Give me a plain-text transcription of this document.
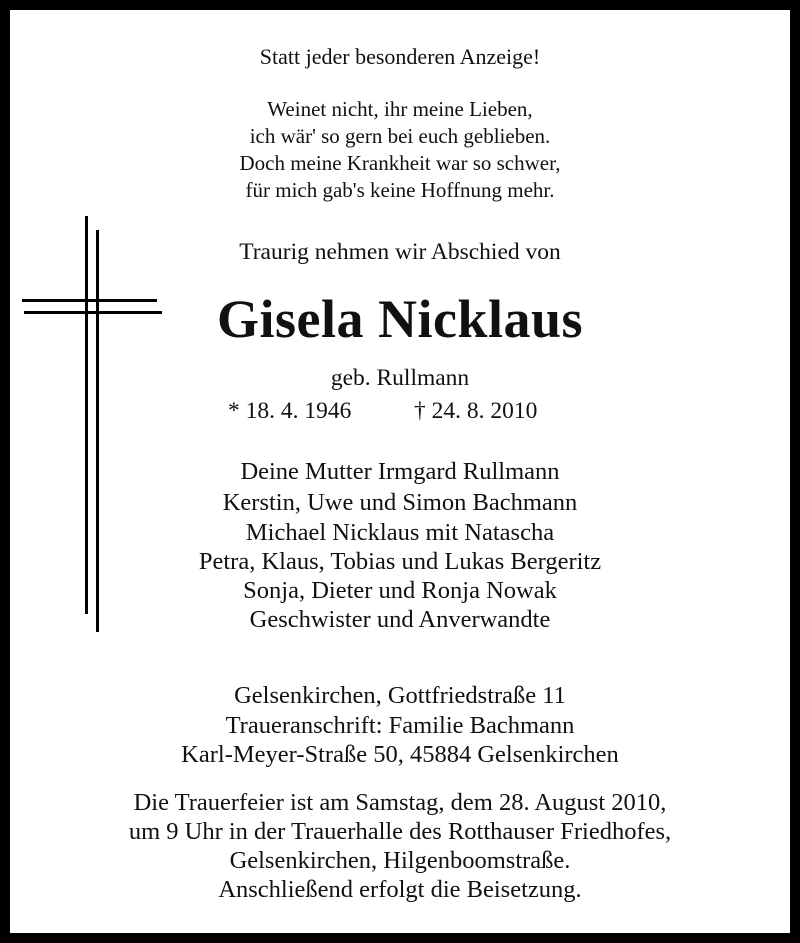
Statt jeder besonderen Anzeige!
Weinet nicht, ihr meine Lieben,
ich wär' so gern bei euch geblieben.
Doch meine Krankheit war so schwer,
für mich gab's keine Hoffnung mehr.
Traurig nehmen wir Abschied von
Gisela Nicklaus
geb. Rullmann
* 18. 4. 1946	† 24. 8. 2010
Deine Mutter Irmgard Rullmann
Kerstin, Uwe und Simon Bachmann
Michael Nicklaus mit Natascha
Petra, Klaus, Tobias und Lukas Bergeritz
Sonja, Dieter und Ronja Nowak
Geschwister und Anverwandte
Gelsenkirchen, Gottfriedstraße 11
Traueranschrift: Familie Bachmann
Karl-Meyer-Straße 50, 45884 Gelsenkirchen
Die Trauerfeier ist am Samstag, dem 28. August 2010,
um 9 Uhr in der Trauerhalle des Rotthauser Friedhofes,
Gelsenkirchen, Hilgenboomstraße.
Anschließend erfolgt die Beisetzung.
